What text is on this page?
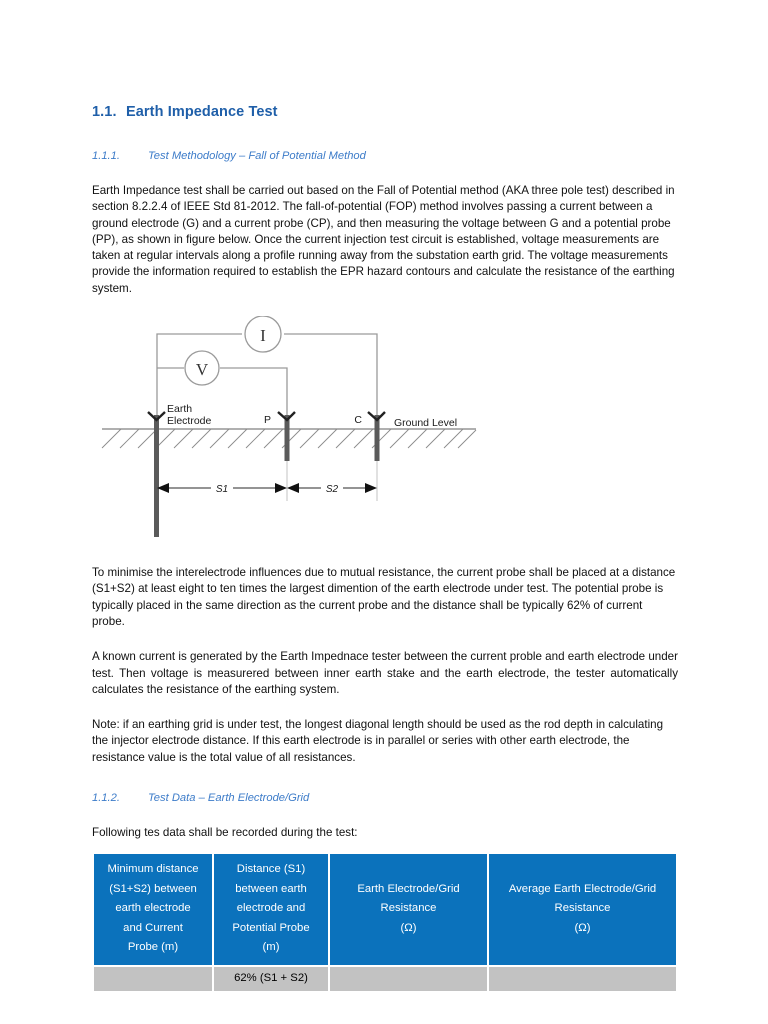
1.1. Earth Impedance Test
1.1.1.	Test Methodology – Fall of Potential Method

Earth Impedance test shall be carried out based on the Fall of Potential method (AKA three pole test) described in section 8.2.2.4 of IEEE Std 81-2012. The fall-of-potential (FOP) method involves passing a current between a ground electrode (G) and a current probe (CP), and then measuring the voltage between G and a potential probe (PP), as shown in figure below. Once the current injection test circuit is established, voltage measurements are taken at regular intervals along a profile running away from the substation earth grid. The voltage measurements provide the information required to establish the EPR hazard contours and calculate the resistance of the earthing system.

I
V
Earth
Electrode	P	C	Ground Level
S1	S2

To minimise the interelectrode influences due to mutual resistance, the current probe shall be placed at a distance (S1+S2) at least eight to ten times the largest dimention of the earth electrode under test. The potential probe is typically placed in the same direction as the current probe and the distance shall be typically 62% of current probe.

A known current is generated by the Earth Impednace tester between the current proble and earth electrode under test. Then voltage is measurered between inner earth stake and the earth electrode, the tester automatically calculates the resistance of the earthing system.

Note: if an earthing grid is under test, the longest diagonal length should be used as the rod depth in calculating the injector electrode distance. If this earth electrode is in parallel or series with other earth electrode, the resistance value is the total value of all resistances.

1.1.2.	Test Data – Earth Electrode/Grid

Following tes data shall be recorded during the test:

Minimum distance
(S1+S2) between
earth electrode
and Current
Probe (m)	Distance (S1)
between earth
electrode and
Potential Probe
(m)	Earth Electrode/Grid
Resistance
(Ω)	Average Earth Electrode/Grid
Resistance
(Ω)
	62% (S1 + S2)		
